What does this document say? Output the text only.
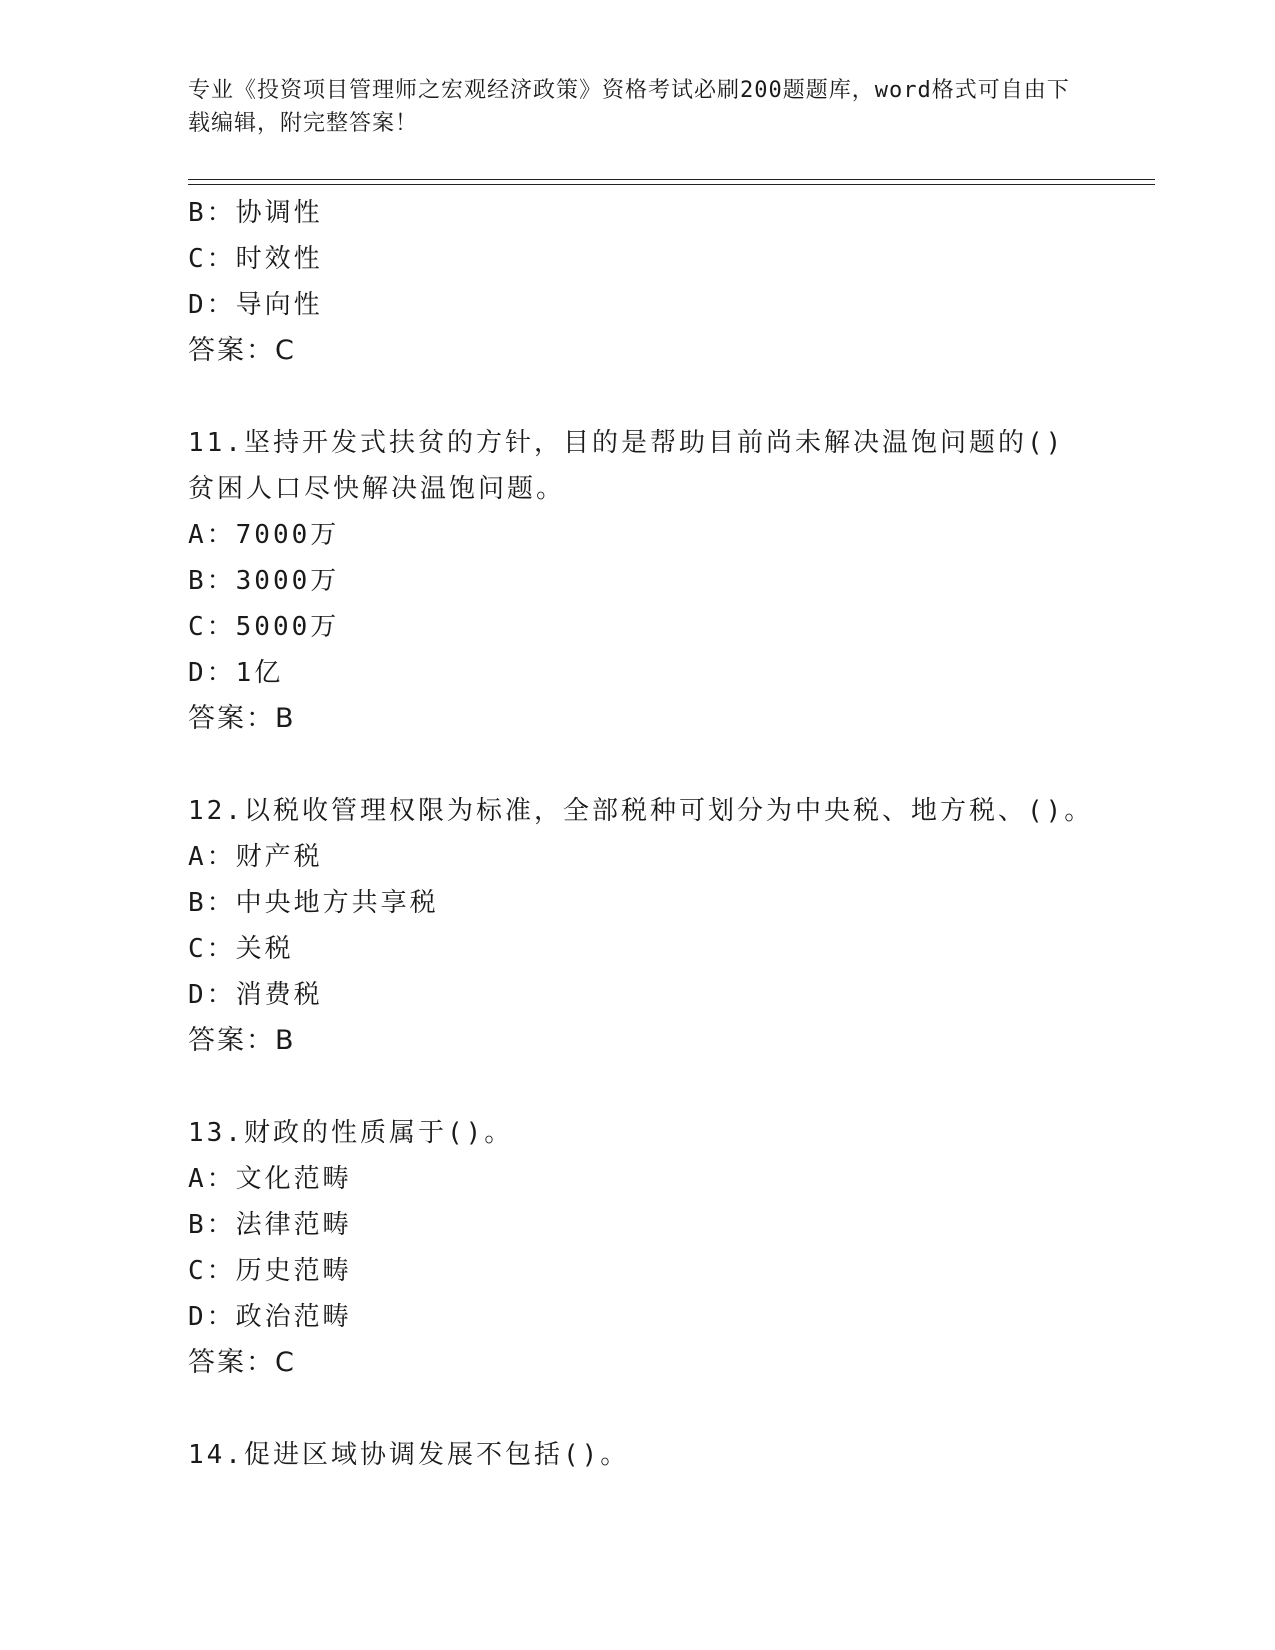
专业《投资项目管理师之宏观经济政策》资格考试必刷200题题库，word格式可自由下载编辑，附完整答案！
B：协调性
C：时效性
D：导向性
答案：C
11.坚持开发式扶贫的方针，目的是帮助目前尚未解决温饱问题的()贫困人口尽快解决温饱问题。
A：7000万
B：3000万
C：5000万
D：1亿
答案：B
12.以税收管理权限为标准，全部税种可划分为中央税、地方税、()。
A：财产税
B：中央地方共享税
C：关税
D：消费税
答案：B
13.财政的性质属于()。
A：文化范畴
B：法律范畴
C：历史范畴
D：政治范畴
答案：C
14.促进区域协调发展不包括()。
